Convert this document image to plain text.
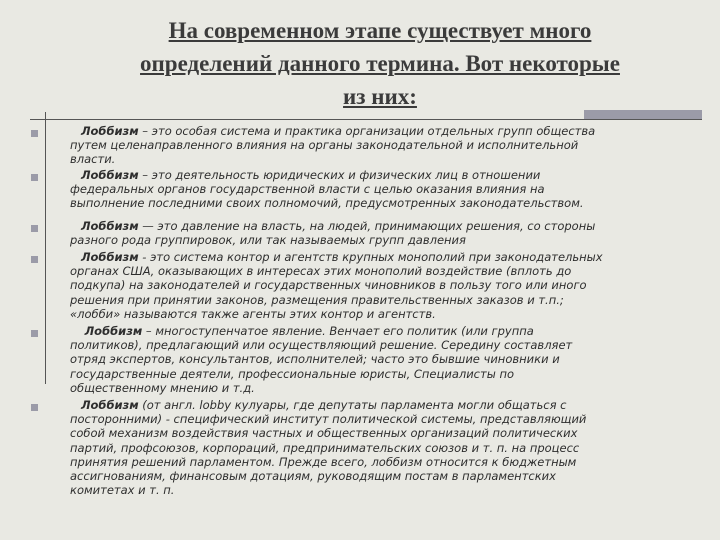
На современном этапе существует много
определений данного термина. Вот некоторые
из них:
Лоббизм – это особая система и практика организации отдельных групп общества
путем целенаправленного влияния на органы законодательной и исполнительной
власти.
Лоббизм – это деятельность юридических и физических лиц в отношении
федеральных органов государственной власти с целью оказания влияния на
выполнение последними своих полномочий, предусмотренных законодательством.
Лоббизм — это давление на власть, на людей, принимающих решения, со стороны
разного рода группировок, или так называемых групп давления
Лоббизм - это система контор и агентств крупных монополий при законодательных
органах США, оказывающих в интересах этих монополий воздействие (вплоть до
подкупа) на законодателей и государственных чиновников в пользу того или иного
решения при принятии законов, размещения правительственных заказов и т.п.;
«лобби» называются также агенты этих контор и агентств.
Лоббизм – многоступенчатое явление. Венчает его политик (или группа
политиков), предлагающий или осуществляющий решение. Середину составляет
отряд экспертов, консультантов, исполнителей; часто это бывшие чиновники и
государственные деятели, профессиональные юристы, Специалисты по
общественному мнению и т.д.
Лоббизм (от англ. lobby кулуары, где депутаты парламента могли общаться с
посторонними) - специфический институт политической системы, представляющий
собой механизм воздействия частных и общественных организаций политических
партий, профсоюзов, корпораций, предпринимательских союзов и т. п. на процесс
принятия решений парламентом. Прежде всего, лоббизм относится к бюджетным
ассигнованиям, финансовым дотациям, руководящим постам в парламентских
комитетах и т. п.
